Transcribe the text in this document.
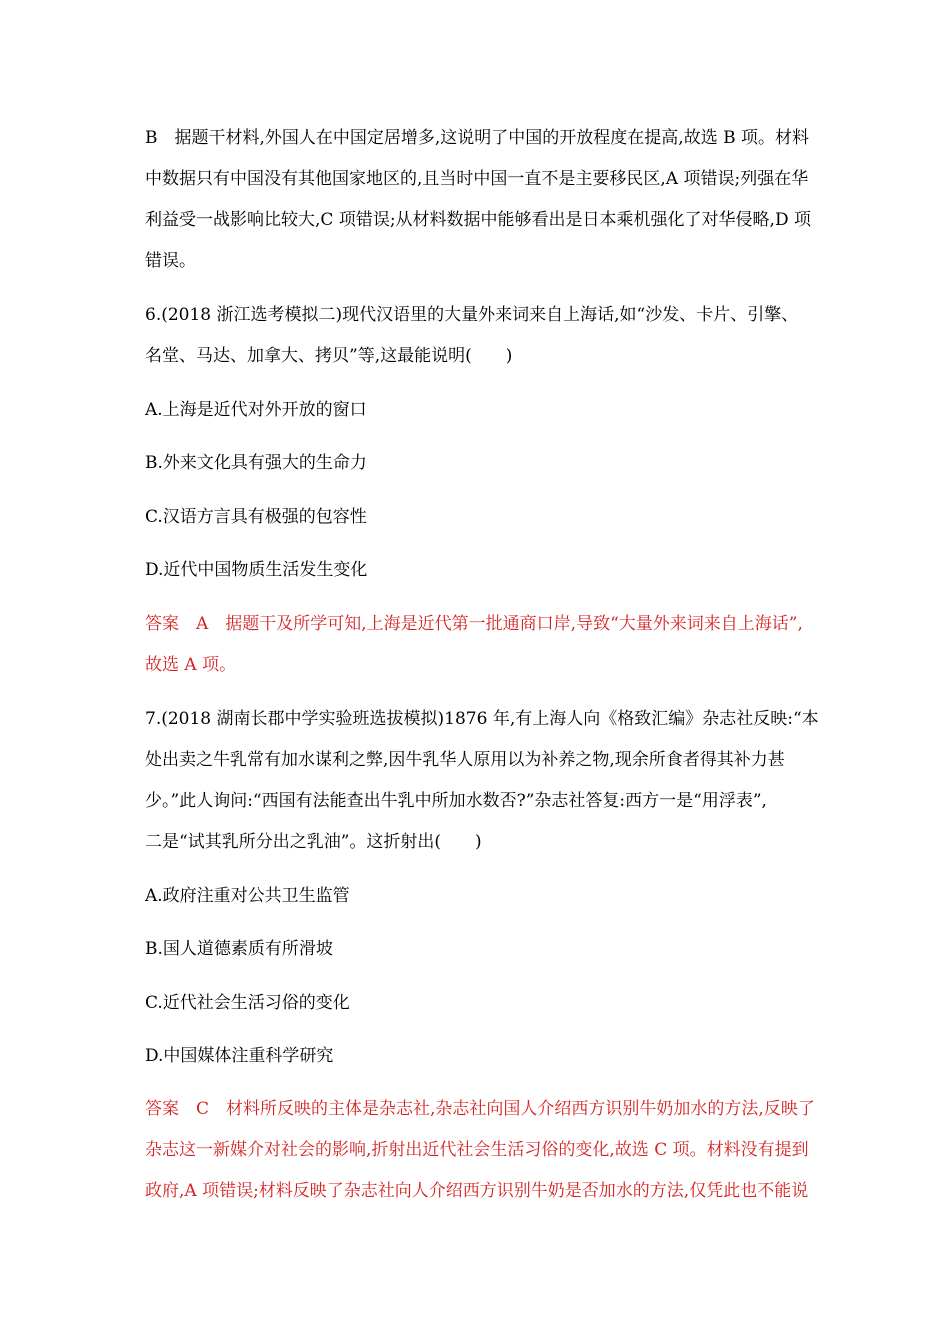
B　据题干材料,外国人在中国定居增多,这说明了中国的开放程度在提高,故选 B 项。材料
中数据只有中国没有其他国家地区的,且当时中国一直不是主要移民区,A 项错误;列强在华
利益受一战影响比较大,C 项错误;从材料数据中能够看出是日本乘机强化了对华侵略,D 项
错误。
6.(2018 浙江选考模拟二)现代汉语里的大量外来词来自上海话,如“沙发、卡片、引擎、
名堂、马达、加拿大、拷贝”等,这最能说明(　　)
A.上海是近代对外开放的窗口
B.外来文化具有强大的生命力
C.汉语方言具有极强的包容性
D.近代中国物质生活发生变化
答案　A　据题干及所学可知,上海是近代第一批通商口岸,导致“大量外来词来自上海话”,
故选 A 项。
7.(2018 湖南长郡中学实验班选拔模拟)1876 年,有上海人向《格致汇编》杂志社反映:“本
处出卖之牛乳常有加水谋利之弊,因牛乳华人原用以为补养之物,现余所食者得其补力甚
少。”此人询问:“西国有法能查出牛乳中所加水数否?”杂志社答复:西方一是“用浮表”,
二是“试其乳所分出之乳油”。这折射出(　　)
A.政府注重对公共卫生监管
B.国人道德素质有所滑坡
C.近代社会生活习俗的变化
D.中国媒体注重科学研究
答案　C　材料所反映的主体是杂志社,杂志社向国人介绍西方识别牛奶加水的方法,反映了
杂志这一新媒介对社会的影响,折射出近代社会生活习俗的变化,故选 C 项。材料没有提到
政府,A 项错误;材料反映了杂志社向人介绍西方识别牛奶是否加水的方法,仅凭此也不能说
